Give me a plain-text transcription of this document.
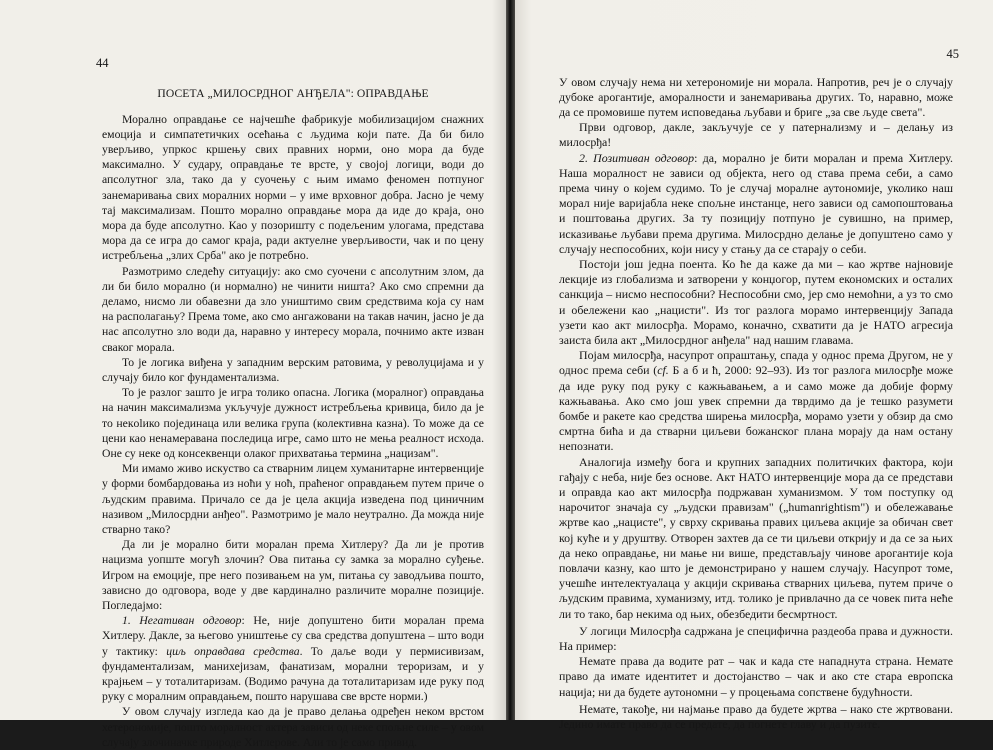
44
ПОСЕТА „МИЛОСРДНОГ АНЂЕЛА": ОПРАВДАЊЕ

Морално оправдање се најчешће фабрикује мобилизацијом снажних емоција и симпатетичких осећања с људима који пате. Да би било уверљиво, упркос кршењу свих правних норми, оно мора да буде максимално. У судару, оправдање те врсте, у својој логици, води до апсолутног зла, тако да у суочењу с њим имамо феномен потпуног занемаривања свих моралних норми – у име врховног добра. Јасно је чему тај максимализам. Пошто морално оправдање мора да иде до краја, оно мора да буде апсолутно. Као у позоришту с подељеним улогама, представа мора да се игра до самог краја, ради актуелне уверљивости, чак и по цену истребљења „злих Срба" ако је потребно.

Размотримо следећу ситуацију: ако смо суочени с апсолутним злом, да ли би било морално (и нормално) не чинити ништа? Ако смо спремни да деламо, нисмо ли обавезни да зло уништимо свим средствима која су нам на располагању? Према томе, ако смо ангажовани на такав начин, јасно је да нас апсолутно зло води да, наравно у интересу морала, почнимо акте изван сваког морала.

То је логика виђена у западним верским ратовима, у револуцијама и у случају било ког фундаментализма.

То је разлог зашто је игра толико опасна. Логика (моралног) оправдања на начин максимализма укључује дужност истребљења кривица, било да је то некolико појединаца или велика група (колективна казна). То може да се цени као ненамеравана последица игре, само што не мења реалност исхода. Оне су неке од консеквенци олаког прихватања термина „нацизам".

Ми имамо живо искуство са стварним лицем хуманитарне интервенције у форми бомбардовања из ноћи у ноћ, праћеног оправдањем путем приче о људским правима. Причало се да је цела акција изведена под циничним називом „Милосрдни анђео". Размотримо је мало неутрално. Да можда није стварно тако?

Да ли је морално бити моралан према Хитлеру? Да ли је против нацизма уопште могућ злочин? Ова питања су замка за морално суђење. Игром на емоције, пре него позивањем на ум, питања су заводљива пошто, зависно до одговора, воде у две кардинално различите моралне позиције. Погледајмо:

1. Негативан одговор: Не, није допуштено бити моралан према Хитлеру. Дакле, за његово уништење су сва средства допуштена – што води у тактику: циљ оправдава средства. То даље води у пермисивизам, фундаментализам, манихејизам, фанатизам, морални тероризам, и у крајњем – у тоталитаризам. (Водимо рачуна да тоталитаризам иде руку под руку с моралним оправдањем, пошто нарушава све врсте норми.)

У овом случају изгледа као да је право делања одређен неком врстом хетерономије, пошто моралност актера зависи од неке спољне силе – у овом случају злочиначке природе Хитлерове. Али то је само привид.

45

У овом случају нема ни хетерономије ни морала. Напротив, реч је о случају дубоке арогантије, аморалности и занемаривања других. То, наравно, може да се промовише путем исповедања љубави и бриге „за све људе света".

Први одговор, дакле, закључује се у патернализму и – делању из милосрђа!

2. Позитиван одговор: да, морално је бити моралан и према Хитлеру. Наша моралност не зависи од објекта, него од става према себи, а само према чину о којем судимо. То је случај моралне аутономије, уколико наш морал није варијабла неке спољне инстанце, него зависи од самопоштовања и поштовања других. За ту позицију потпуно је сувишно, на пример, исказивање љубави према другима. Милосрдно делање је допуштено само у случају неспособних, који нису у стању да се старају о себи.

Постоји још једна поента. Ко ће да каже да ми – као жртве најновије лекције из глобализма и затворени у конџогор, путем економских и осталих санкција – нисмо неспособни? Неспособни смо, јер смо немоћни, а уз то смо и обележени као „нацисти". Из тог разлога морамо интервенцију Запада узети као акт милосрђа. Морамо, коначно, схватити да је НАТО агресија заиста била акт „Милосрдног анђела" над нашим главама.

Појам милосрђа, насупрот опраштању, спада у однос према Другом, не у однос према себи (cf. Б а б и ћ, 2000: 92–93). Из тог разлога милосрђе може да иде руку под руку с кажњавањем, а и само може да добије форму кажњавања. Ако смо још увек спремни да тврдимо да је тешко разумети бомбе и ракете као средства ширења милосрђа, морамо узети у обзир да смо смртна бића и да стварни циљеви божанског плана морају да нам остану непознати.

Аналогија између бога и крупних западних политичких фактора, који гађају с неба, није без основе. Акт НАТО интервенције мора да се представи и оправда као акт милосрђа подржаван хуманизмом. У том поступку од нарочитог значаја су „људски правизам" („humanrightism") и обележавање жртве као „нацисте", у сврху скривања правих циљева акције за обичан свет кој куће и у друштву. Отворен захтев да се ти циљеви открију и да се за њих да неко оправдање, ни мање ни више, представљају чинове арогантије која повлачи казну, као што је демонстрирано у нашем случају. Насупрот томе, учешће интелектуалаца у акцији скривања стварних циљева, путем приче о људским правима, хуманизму, итд. толико је привлачно да се човек пита неће ли то тако, бар некима од њих, обезбедити бесмртност.

У логици Милосрђа садржана је специфична раздеоба права и дужности. На пример:

Немате права да водите рат – чак и када сте нападнута страна. Немате право да имате идентитет и достојанство – чак и ако сте стара европска нација; ни да будете аутономни – у процењама сопствене будућности.

Немате, такође, ни најмање право да будете жртва – нако сте жртвовани. Једино имате право да се предате, да погнете главу и да пузите.
